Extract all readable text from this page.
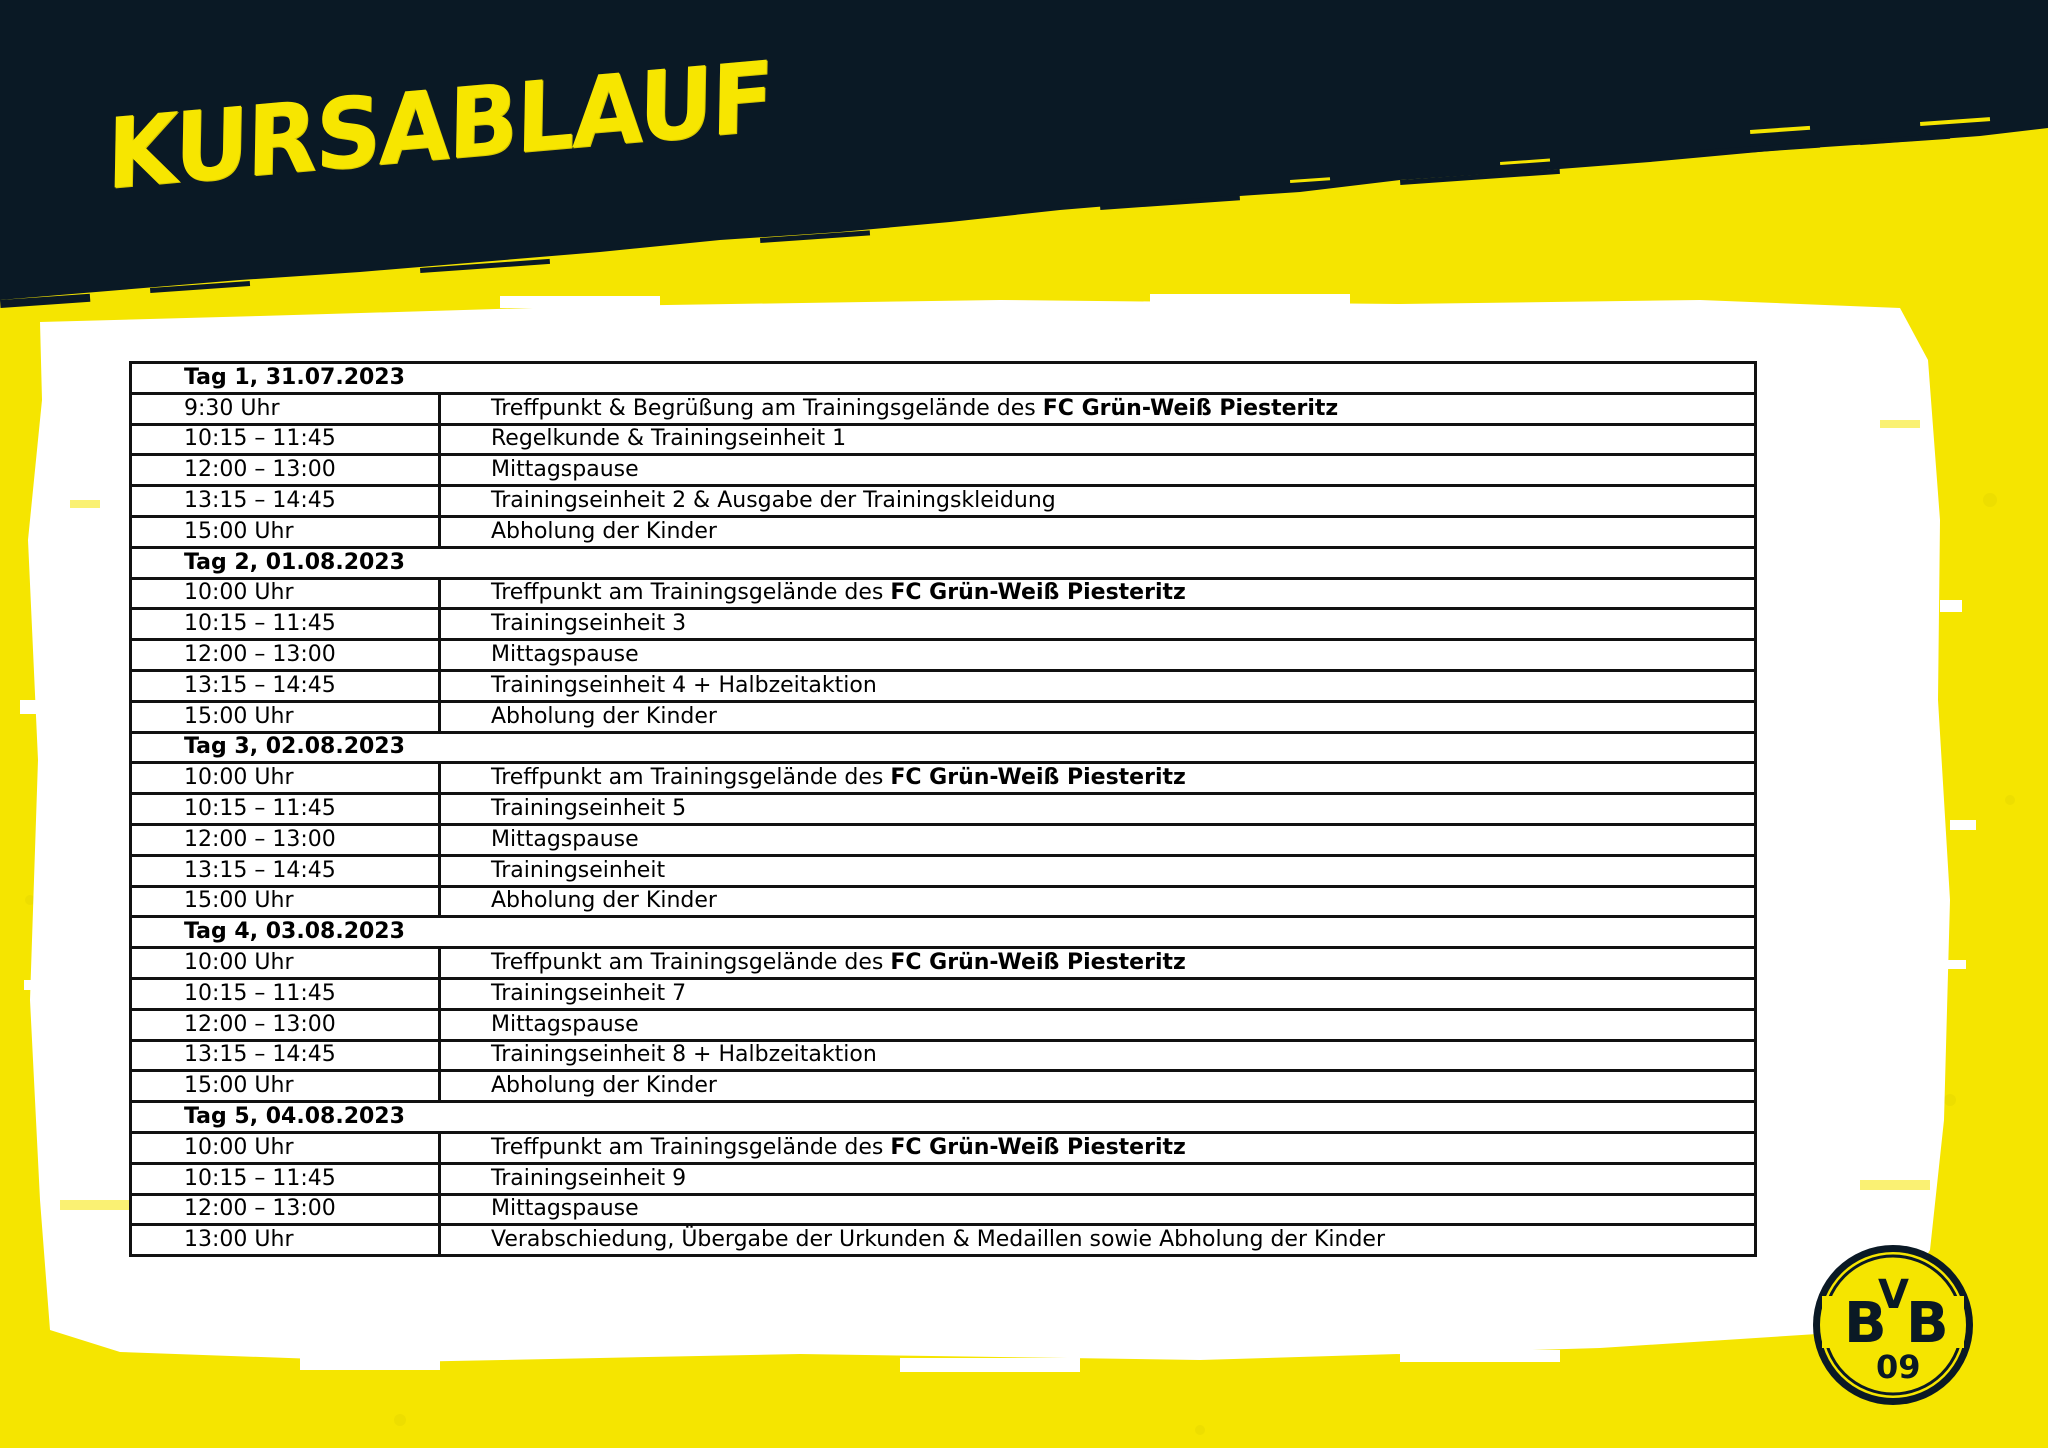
KURSABLAUF
Tag 1, 31.07.2023	
9:30 Uhr	Treffpunkt & Begrüßung am Trainingsgelände des FC Grün-Weiß Piesteritz
10:15 – 11:45	Regelkunde & Trainingseinheit 1
12:00 – 13:00	Mittagspause
13:15 – 14:45	Trainingseinheit 2 & Ausgabe der Trainingskleidung
15:00 Uhr	Abholung der Kinder
Tag 2, 01.08.2023	
10:00 Uhr	Treffpunkt am Trainingsgelände des FC Grün-Weiß Piesteritz
10:15 – 11:45	Trainingseinheit 3
12:00 – 13:00	Mittagspause
13:15 – 14:45	Trainingseinheit 4 + Halbzeitaktion
15:00 Uhr	Abholung der Kinder
Tag 3, 02.08.2023	
10:00 Uhr	Treffpunkt am Trainingsgelände des FC Grün-Weiß Piesteritz
10:15 – 11:45	Trainingseinheit 5
12:00 – 13:00	Mittagspause
13:15 – 14:45	Trainingseinheit
15:00 Uhr	Abholung der Kinder
Tag 4, 03.08.2023	
10:00 Uhr	Treffpunkt am Trainingsgelände des FC Grün-Weiß Piesteritz
10:15 – 11:45	Trainingseinheit 7
12:00 – 13:00	Mittagspause
13:15 – 14:45	Trainingseinheit 8 + Halbzeitaktion
15:00 Uhr	Abholung der Kinder
Tag 5, 04.08.2023	
10:00 Uhr	Treffpunkt am Trainingsgelände des FC Grün-Weiß Piesteritz
10:15 – 11:45	Trainingseinheit 9
12:00 – 13:00	Mittagspause
13:00 Uhr	Verabschiedung, Übergabe der Urkunden & Medaillen sowie Abholung der Kinder
B
V
B
09
